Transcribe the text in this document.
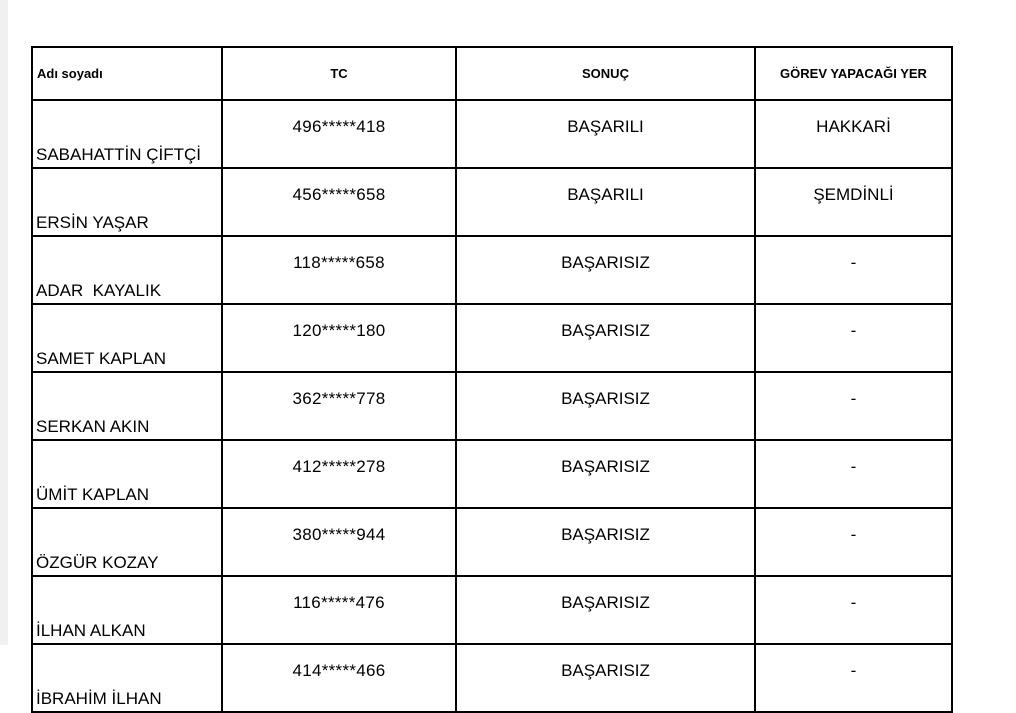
Adı soyadı	TC	SONUÇ	GÖREV YAPACAĞI YER
SABAHATTİN ÇİFTÇİ	496*****418	BAŞARILI	HAKKARİ
ERSİN YAŞAR	456*****658	BAŞARILI	ŞEMDİNLİ
ADAR  KAYALIK	118*****658	BAŞARISIZ	-
SAMET KAPLAN	120*****180	BAŞARISIZ	-
SERKAN AKIN	362*****778	BAŞARISIZ	-
ÜMİT KAPLAN	412*****278	BAŞARISIZ	-
ÖZGÜR KOZAY	380*****944	BAŞARISIZ	-
İLHAN ALKAN	116*****476	BAŞARISIZ	-
İBRAHİM İLHAN	414*****466	BAŞARISIZ	-
